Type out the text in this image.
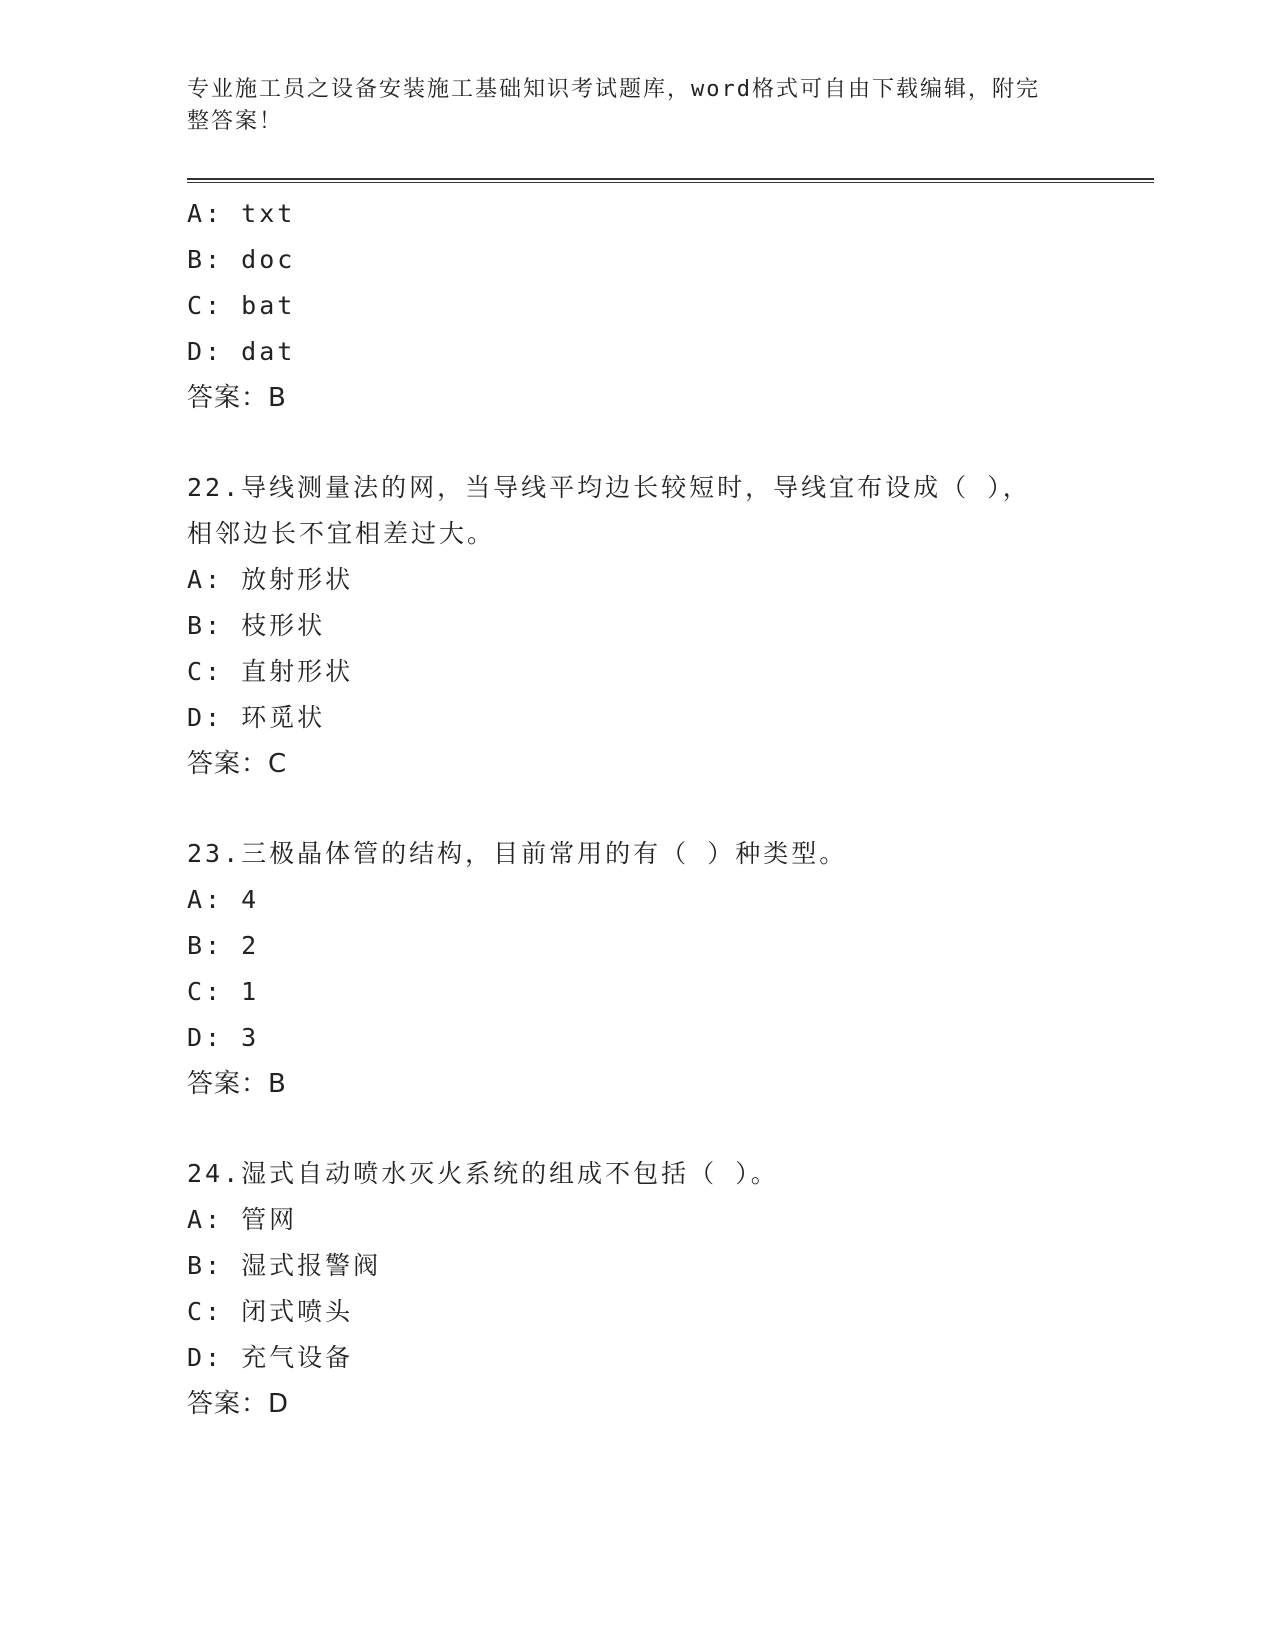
专业施工员之设备安装施工基础知识考试题库，word格式可自由下载编辑，附完
整答案！
A: txt
B: doc
C: bat
D: dat
答案：B
22.导线测量法的网，当导线平均边长较短时，导线宜布设成（ ），
相邻边长不宜相差过大。
A: 放射形状
B: 枝形状
C: 直射形状
D: 环觅状
答案：C
23.三极晶体管的结构，目前常用的有（ ）种类型。
A: 4
B: 2
C: 1
D: 3
答案：B
24.湿式自动喷水灭火系统的组成不包括（ ）。
A: 管网
B: 湿式报警阀
C: 闭式喷头
D: 充气设备
答案：D
